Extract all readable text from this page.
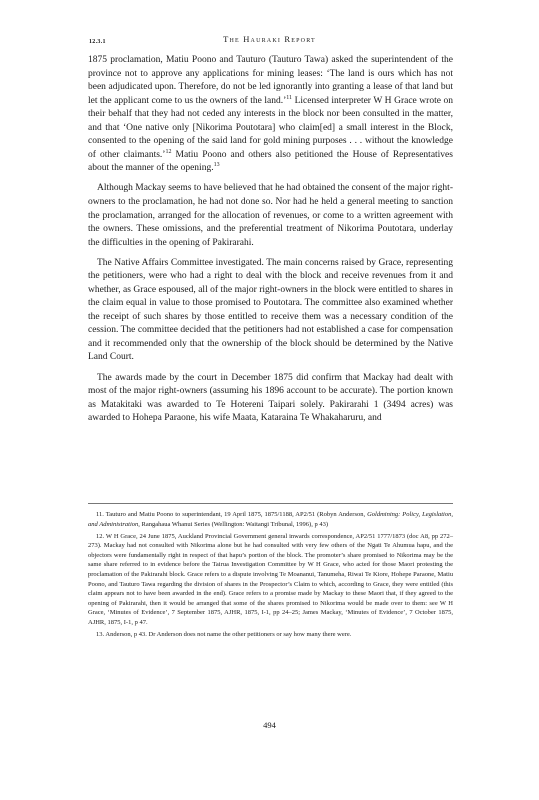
12.3.1	The Hauraki Report

1875 proclamation, Matiu Poono and Tauturo (Tauturo Tawa) asked the superintendent of the province not to approve any applications for mining leases: ‘The land is ours which has not been adjudicated upon. Therefore, do not be led ignorantly into granting a lease of that land but let the applicant come to us the owners of the land.’$^{11}$ Licensed interpreter W H Grace wrote on their behalf that they had not ceded any interests in the block nor been consulted in the matter, and that ‘One native only [Nikorima Poutotara] who claim[ed] a small interest in the Block, consented to the opening of the said land for gold mining purposes . . . without the knowledge of other claimants.’$^{12}$ Matiu Poono and others also petitioned the House of Representatives about the manner of the opening.$^{13}$

Although Mackay seems to have believed that he had obtained the consent of the major right-owners to the proclamation, he had not done so. Nor had he held a general meeting to sanction the proclamation, arranged for the allocation of revenues, or come to a written agreement with the owners. These omissions, and the preferential treatment of Nikorima Poutotara, underlay the difficulties in the opening of Pakirarahi.

The Native Affairs Committee investigated. The main concerns raised by Grace, representing the petitioners, were who had a right to deal with the block and receive revenues from it and whether, as Grace espoused, all of the major right-owners in the block were entitled to shares in the claim equal in value to those promised to Poutotara. The committee also examined whether the receipt of such shares by those entitled to receive them was a necessary condition of the cession. The committee decided that the petitioners had not established a case for compensation and it recommended only that the ownership of the block should be determined by the Native Land Court.

The awards made by the court in December 1875 did confirm that Mackay had dealt with most of the major right-owners (assuming his 1896 account to be accurate). The portion known as Matakitaki was awarded to Te Hotereni Taipari solely. Pakirarahi 1 (3494 acres) was awarded to Hohepa Paraone, his wife Maata, Kataraina Te Whakaharuru, and

11. Tauturo and Matiu Poono to superintendant, 19 April 1875, 1875/1188, AP2/51 (Robyn Anderson, Goldmining: Policy, Legislation, and Administration, Rangahaua Whanui Series (Wellington: Waitangi Tribunal, 1996), p 43)

12. W H Grace, 24 June 1875, Auckland Provincial Government general inwards correspondence, AP2/51 1777/1873 (doc A8, pp 272–273). Mackay had not consulted with Nikorima alone but he had consulted with very few others of the Ngati Te Ahumua hapu, and the objectors were fundamentally right in respect of that hapu’s portion of the block. The promoter’s share promised to Nikorima may be the same share referred to in evidence before the Tairua Investigation Committee by W H Grace, who acted for those Maori protesting the proclamation of the Pakirarahi block. Grace refers to a dispute involving Te Moananui, Tanumeha, Riwai Te Kiore, Hohepe Paraone, Matiu Poono, and Tauturo Tawa regarding the division of shares in the Prospector’s Claim to which, according to Grace, they were entitled (this claim appears not to have been awarded in the end). Grace refers to a promise made by Mackay to these Maori that, if they agreed to the opening of Pakirarahi, then it would be arranged that some of the shares promised to Nikorima would be made over to them: see W H Grace, ‘Minutes of Evidence’, 7 September 1875, AJHR, 1875, I-1, pp 24–25; James Mackay, ‘Minutes of Evidence’, 7 October 1875, AJHR, 1875, I-1, p 47.

13. Anderson, p 43. Dr Anderson does not name the other petitioners or say how many there were.

494
